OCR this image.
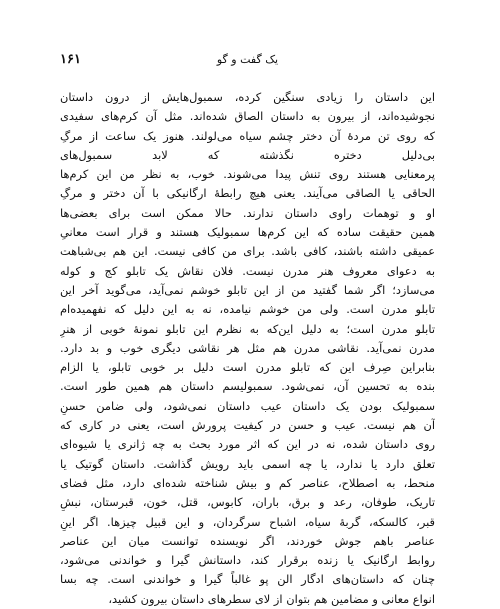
یک گفت و گو
۱۶۱
این داستان را زیادی سنگین کرده، سمبول‌هایش از درون داستان
نجوشیده‌اند، از بیرون به داستان الصاق شده‌اند. مثل آن کرم‌های سفیدی
که روی تن مردهٔ آن دختر چشم سیاه می‌لولند. هنوز یک ساعت از مرگِ
بی‌دلیل دختره نگذشته که لابد سمبول‌های
پرمعنایی هستند روی تنش پیدا می‌شوند. خوب، به نظر من این کرم‌ها
الحاقی یا الصاقی می‌آیند. یعنی هیچ رابطهٔ ارگانیکی با آن دختر و مرگِ
او و توهمات راوی داستان ندارند. حالا ممکن است برای بعضی‌ها
همین حقیقت ساده که این کرم‌ها سمبولیک هستند و قرار است معانیِ
عمیقی داشته باشند، کافی باشد. برای من کافی نیست. این هم بی‌شباهت
به دعوای معروف هنر مدرن نیست. فلان نقاش یک تابلو کج و کوله
می‌سازد؛ اگر شما گفتید من از این تابلو خوشم نمی‌آید، می‌گوید آخر این
تابلو مدرن است. ولی من خوشم نیامده، نه به این دلیل که نفهمیده‌ام
تابلو مدرن است؛ به دلیل این‌که به نظرم این تابلو نمونهٔ خوبی از هنرِ
مدرن نمی‌آید. نقاشی مدرن هم مثل هر نقاشی دیگری خوب و بد دارد.
بنابراین صِرف این که تابلو مدرن است دلیل بر خوبی تابلو، یا الزام
بنده به تحسین آن، نمی‌شود. سمبولیسم داستان هم همین طور است.
سمبولیک بودن یک داستان عیب داستان نمی‌شود، ولی ضامن حسنِ
آن هم نیست. عیب و حسن در کیفیت پرورش است، یعنی در کاری که
روی داستان شده، نه در این که اثر مورد بحث به چه ژانری یا شیوه‌ای
تعلق دارد یا ندارد، یا چه اسمی باید رویش گذاشت. داستان گوتیک یا
منحط، به اصطلاح، عناصر کم و بیش شناخته شده‌ای دارد، مثل فضای
تاریک، طوفان، رعد و برق، باران، کابوس، قتل، خون، قبرستان، نبشِ
قبر، کالسکه، گربهٔ سیاه، اشباح سرگردان، و این قبیل چیزها. اگر اینِ
عناصر باهم جوش خوردند، اگر نویسنده توانست میان این عناصر
روابط ارگانیک یا زنده برقرار کند، داستانش گیرا و خواندنی می‌شود،
چنان که داستان‌های ادگار الن پو غالباً گیرا و خواندنی است. چه بسا
انواع معانی و مضامین هم بتوان از لای سطرهای داستان بیرون کشید،
